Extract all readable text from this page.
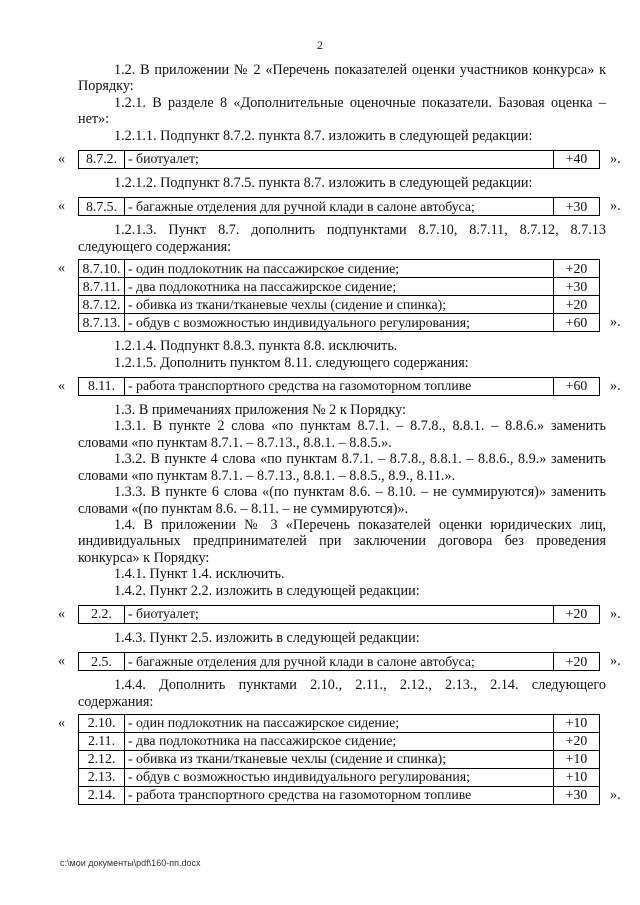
2

1.2. В приложении № 2 «Перечень показателей оценки участников конкурса» к Порядку:

1.2.1. В разделе 8 «Дополнительные оценочные показатели. Базовая оценка – нет»:

1.2.1.1. Подпункт 8.7.2. пункта 8.7. изложить в следующей редакции:

« 8.7.2.	- биотуалет;	+40 ».

1.2.1.2. Подпункт 8.7.5. пункта 8.7. изложить в следующей редакции:

« 8.7.5.	- багажные отделения для ручной клади в салоне автобуса;	+30 ».

1.2.1.3. Пункт 8.7. дополнить подпунктами 8.7.10, 8.7.11, 8.7.12, 8.7.13 следующего содержания:

« 8.7.10.	- один подлокотник на пассажирское сидение;	+20
8.7.11.	- два подлокотника на пассажирское сидение;	+30
8.7.12.	- обивка из ткани/тканевые чехлы (сидение и спинка);	+20
8.7.13.	- обдув с возможностью индивидуального регулирования;	+60 ».

1.2.1.4. Подпункт 8.8.3. пункта 8.8. исключить.

1.2.1.5. Дополнить пунктом 8.11. следующего содержания:

« 8.11.	- работа транспортного средства на газомоторном топливе	+60 ».

1.3. В примечаниях приложения № 2 к Порядку:

1.3.1. В пункте 2 слова «по пунктам 8.7.1. – 8.7.8., 8.8.1. – 8.8.6.» заменить словами «по пунктам 8.7.1. – 8.7.13., 8.8.1. – 8.8.5.».

1.3.2. В пункте 4 слова «по пунктам 8.7.1. – 8.7.8., 8.8.1. – 8.8.6., 8.9.» заменить словами «по пунктам 8.7.1. – 8.7.13., 8.8.1. – 8.8.5., 8.9., 8.11.».

1.3.3. В пункте 6 слова «(по пунктам 8.6. – 8.10. – не суммируются)» заменить словами «(по пунктам 8.6. – 8.11. – не суммируются)».

1.4. В приложении № 3 «Перечень показателей оценки юридических лиц, индивидуальных предпринимателей при заключении договора без проведения конкурса» к Порядку:

1.4.1. Пункт 1.4. исключить.

1.4.2. Пункт 2.2. изложить в следующей редакции:

« 2.2.	- биотуалет;	+20 ».

1.4.3. Пункт 2.5. изложить в следующей редакции:

« 2.5.	- багажные отделения для ручной клади в салоне автобуса;	+20 ».

1.4.4. Дополнить пунктами 2.10., 2.11., 2.12., 2.13., 2.14. следующего содержания:

« 2.10.	- один подлокотник на пассажирское сидение;	+10
2.11.	- два подлокотника на пассажирское сидение;	+20
2.12.	- обивка из ткани/тканевые чехлы (сидение и спинка);	+10
2.13.	- обдув с возможностью индивидуального регулирования;	+10
2.14.	- работа транспортного средства на газомоторном топливе	+30 ».
c:\мои документы\pdf\160-пп.docx
